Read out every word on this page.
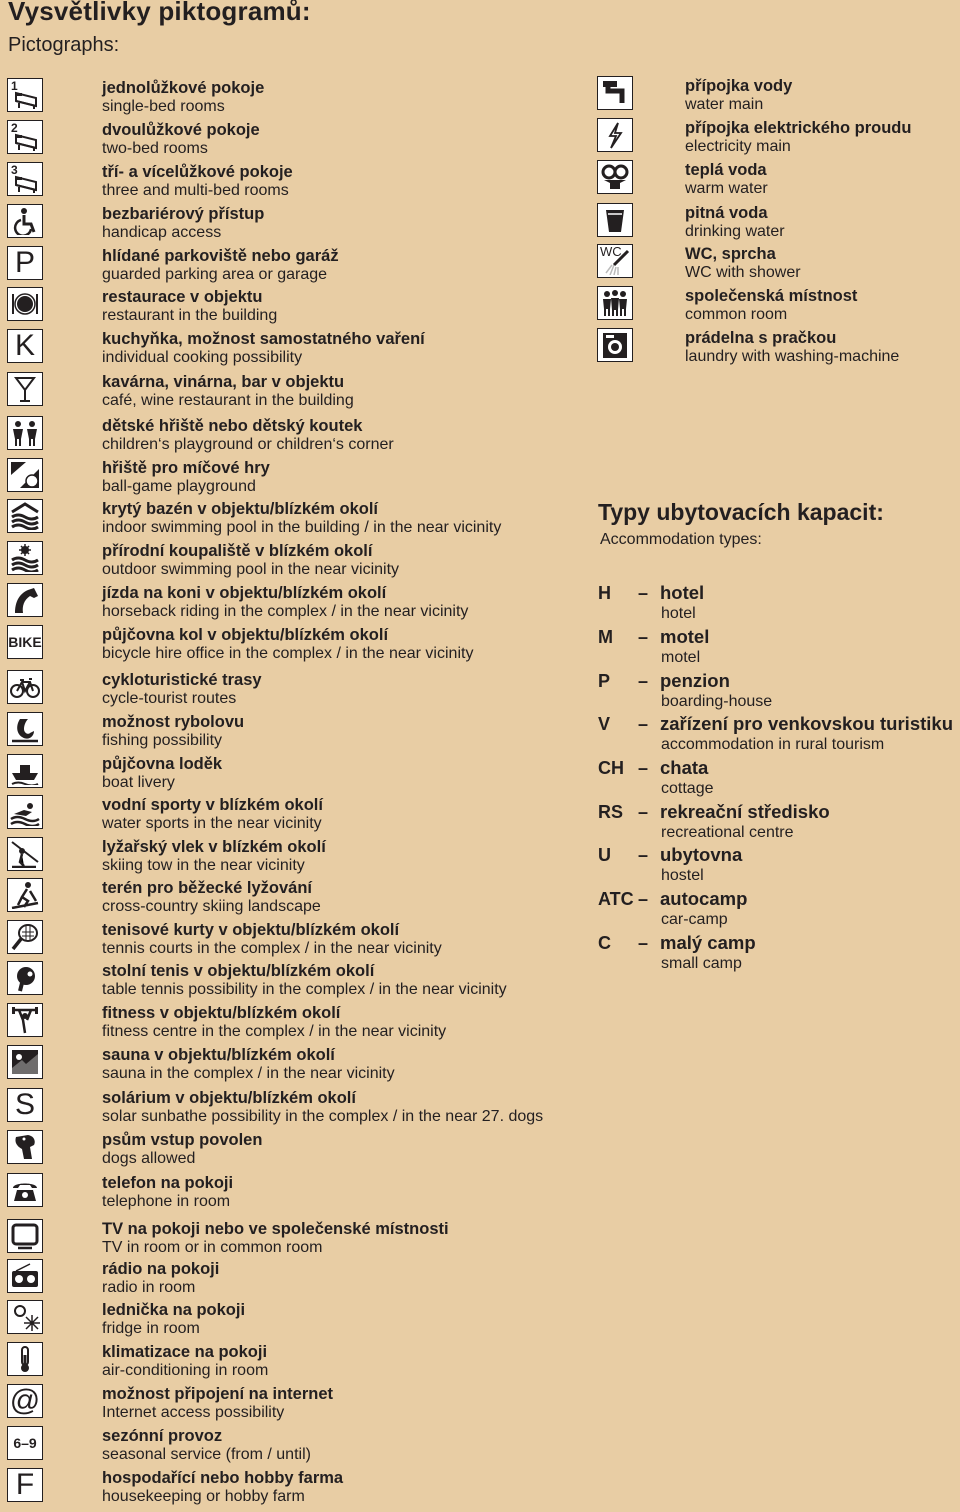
Vysvětlivky piktogramů:

Pictographs:

1	jednolůžkové pokoje
single-bed rooms
2	dvoulůžkové pokoje
two-bed rooms
3	tří- a vícelůžkové pokoje
three and multi-bed rooms
bezbariérový přístup
handicap access
P	hlídané parkoviště nebo garáž
guarded parking area or garage
restaurace v objektu
restaurant in the building
K	kuchyňka, možnost samostatného vaření
individual cooking possibility
kavárna, vinárna, bar v objektu
café, wine restaurant in the building
dětské hřiště nebo dětský koutek
children‘s playground or children‘s corner
hřiště pro míčové hry
ball-game playground
krytý bazén v objektu/blízkém okolí
indoor swimming pool in the building / in the near vicinity
přírodní koupaliště v blízkém okolí
outdoor swimming pool in the near vicinity
jízda na koni v objektu/blízkém okolí
horseback riding in the complex / in the near vicinity
BIKE	půjčovna kol v objektu/blízkém okolí
bicycle hire office in the complex / in the near vicinity
cykloturistické trasy
cycle-tourist routes
možnost rybolovu
fishing possibility
půjčovna loděk
boat livery
vodní sporty v blízkém okolí
water sports in the near vicinity
lyžařský vlek v blízkém okolí
skiing tow in the near vicinity
terén pro běžecké lyžování
cross-country skiing landscape
tenisové kurty v objektu/blízkém okolí
tennis courts in the complex / in the near vicinity
stolní tenis v objektu/blízkém okolí
table tennis possibility in the complex / in the near vicinity
fitness v objektu/blízkém okolí
fitness centre in the complex / in the near vicinity
sauna v objektu/blízkém okolí
sauna in the complex / in the near vicinity
S	solárium v objektu/blízkém okolí
solar sunbathe possibility in the complex / in the near 27. dogs
psům vstup povolen
dogs allowed
telefon na pokoji
telephone in room
TV na pokoji nebo ve společenské místnosti
TV in room or in common room
rádio na pokoji
radio in room
lednička na pokoji
fridge in room
klimatizace na pokoji
air-conditioning in room
@	možnost připojení na internet
Internet access possibility
6–9	sezónní provoz
seasonal service (from / until)
F	hospodařící nebo hobby farma
housekeeping or hobby farm
přípojka vody
water main
přípojka elektrického proudu
electricity main
teplá voda
warm water
pitná voda
drinking water
WC	WC, sprcha
WC with shower
společenská místnost
common room
prádelna s pračkou
laundry with washing-machine
Typy ubytovacích kapacit:

Accommodation types:

H – hotel
hotel
M – motel
motel
P – penzion
boarding-house
V – zařízení pro venkovskou turistiku
accommodation in rural tourism
CH – chata
cottage
RS – rekreační středisko
recreational centre
U – ubytovna
hostel
ATC – autocamp
car-camp
C – malý camp
small camp
